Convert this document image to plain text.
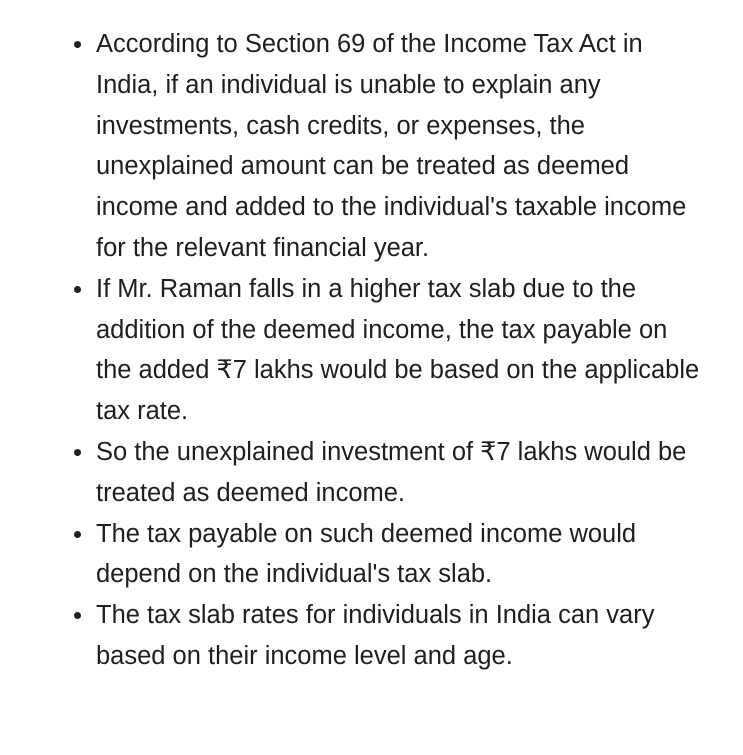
According to Section 69 of the Income Tax Act in India, if an individual is unable to explain any investments, cash credits, or expenses, the unexplained amount can be treated as deemed income and added to the individual's taxable income for the relevant financial year.
If Mr. Raman falls in a higher tax slab due to the addition of the deemed income, the tax payable on the added ₹7 lakhs would be based on the applicable tax rate.
So the unexplained investment of ₹7 lakhs would be treated as deemed income.
The tax payable on such deemed income would depend on the individual's tax slab.
The tax slab rates for individuals in India can vary based on their income level and age.
